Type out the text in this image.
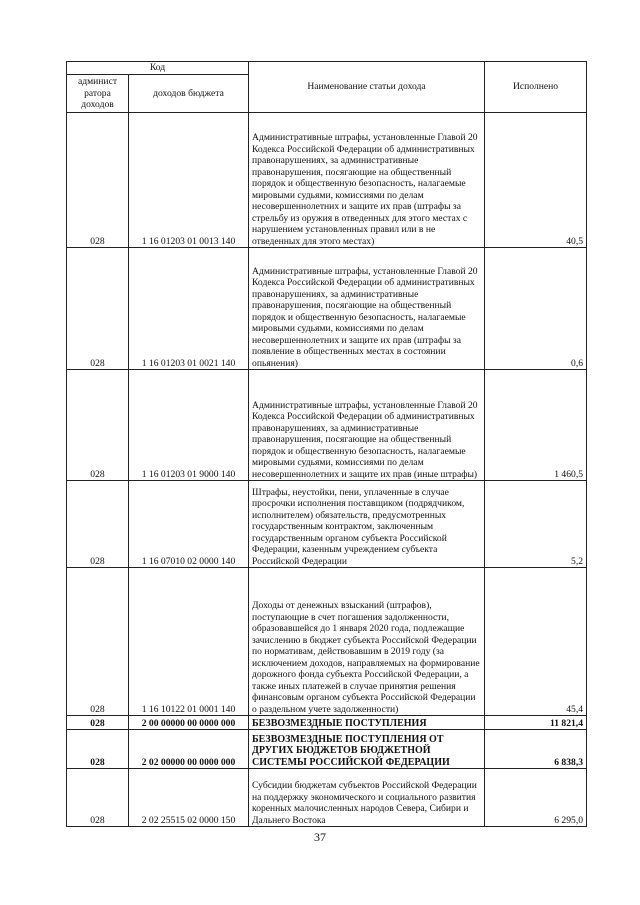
Код		Наименование статьи дохода	Исполнено
админист ратора доходов	доходов бюджета		
028	1 16 01203 01 0013 140	Административные штрафы, установленные Главой 20 Кодекса Российской Федерации об административных правонарушениях, за административные правонарушения, посягающие на общественный порядок и общественную безопасность, налагаемые мировыми судьями, комиссиями по делам несовершеннолетних и защите их прав (штрафы за стрельбу из оружия в отведенных для этого местах с нарушением установленных правил или в не отведенных для этого местах)	40,5
028	1 16 01203 01 0021 140	Административные штрафы, установленные Главой 20 Кодекса Российской Федерации об административных правонарушениях, за административные правонарушения, посягающие на общественный порядок и общественную безопасность, налагаемые мировыми судьями, комиссиями по делам несовершеннолетних и защите их прав (штрафы за появление в общественных местах в состоянии опьянения)	0,6
028	1 16 01203 01 9000 140	Административные штрафы, установленные Главой 20 Кодекса Российской Федерации об административных правонарушениях, за административные правонарушения, посягающие на общественный порядок и общественную безопасность, налагаемые мировыми судьями, комиссиями по делам несовершеннолетних и защите их прав (иные штрафы)	1 460,5
028	1 16 07010 02 0000 140	Штрафы, неустойки, пени, уплаченные в случае просрочки исполнения поставщиком (подрядчиком, исполнителем) обязательств, предусмотренных государственным контрактом, заключенным государственным органом субъекта Российской Федерации, казенным учреждением субъекта Российской Федерации	5,2
028	1 16 10122 01 0001 140	Доходы от денежных взысканий (штрафов), поступающие в счет погашения задолженности, образовавшейся до 1 января 2020 года, подлежащие зачислению в бюджет субъекта Российской Федерации по нормативам, действовавшим в 2019 году (за исключением доходов, направляемых на формирование дорожного фонда субъекта Российской Федерации, а также иных платежей в случае принятия решения финансовым органом субъекта Российской Федерации о раздельном учете задолженности)	45,4
028	2 00 00000 00 0000 000	БЕЗВОЗМЕЗДНЫЕ ПОСТУПЛЕНИЯ	11 821,4
028	2 02 00000 00 0000 000	БЕЗВОЗМЕЗДНЫЕ ПОСТУПЛЕНИЯ ОТ ДРУГИХ БЮДЖЕТОВ БЮДЖЕТНОЙ СИСТЕМЫ РОССИЙСКОЙ ФЕДЕРАЦИИ	6 838,3
028	2 02 25515 02 0000 150	Субсидии бюджетам субъектов Российской Федерации на поддержку экономического и социального развития коренных малочисленных народов Севера, Сибири и Дальнего Востока	6 295,0
37
